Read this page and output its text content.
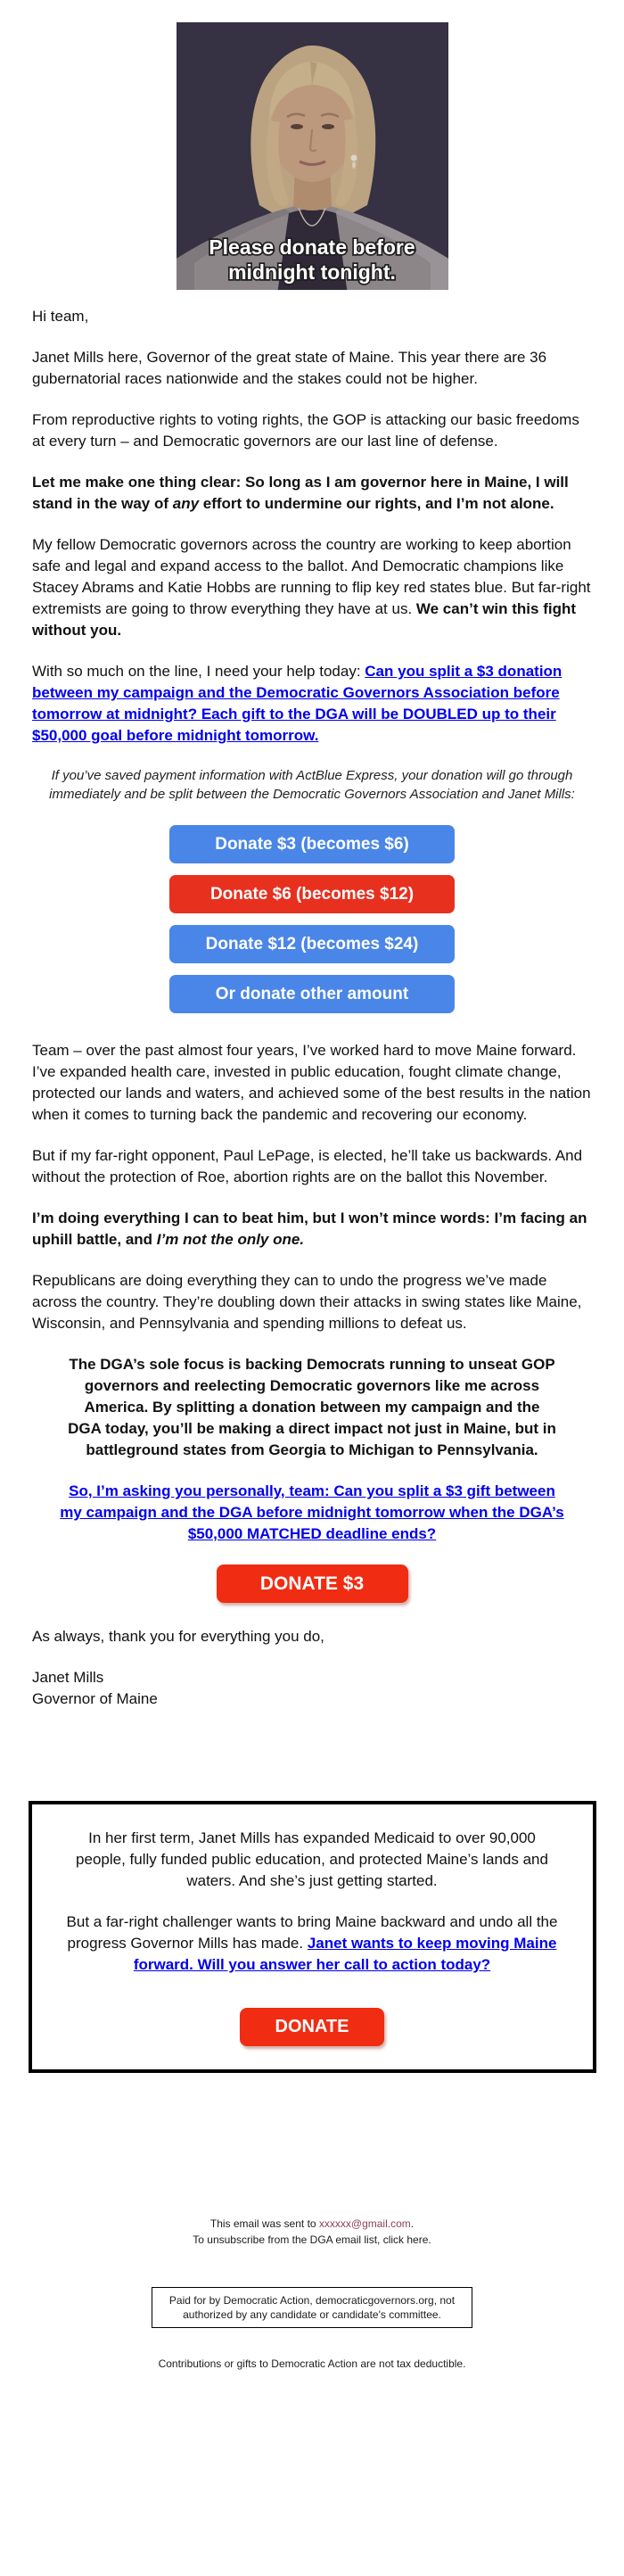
Please donate before
midnight tonight.

Hi team,

Janet Mills here, Governor of the great state of Maine. This year there are 36 gubernatorial races nationwide and the stakes could not be higher.

From reproductive rights to voting rights, the GOP is attacking our basic freedoms at every turn – and Democratic governors are our last line of defense.

Let me make one thing clear: So long as I am governor here in Maine, I will stand in the way of any effort to undermine our rights, and I’m not alone.

My fellow Democratic governors across the country are working to keep abortion safe and legal and expand access to the ballot. And Democratic champions like Stacey Abrams and Katie Hobbs are running to flip key red states blue. But far-right extremists are going to throw everything they have at us. We can’t win this fight without you.

With so much on the line, I need your help today: Can you split a $3 donation between my campaign and the Democratic Governors Association before tomorrow at midnight? Each gift to the DGA will be DOUBLED up to their $50,000 goal before midnight tomorrow.

If you’ve saved payment information with ActBlue Express, your donation will go through immediately and be split between the Democratic Governors Association and Janet Mills:

Donate $3 (becomes $6)
Donate $6 (becomes $12)
Donate $12 (becomes $24)
Or donate other amount

Team – over the past almost four years, I’ve worked hard to move Maine forward. I’ve expanded health care, invested in public education, fought climate change, protected our lands and waters, and achieved some of the best results in the nation when it comes to turning back the pandemic and recovering our economy.

But if my far-right opponent, Paul LePage, is elected, he’ll take us backwards. And without the protection of Roe, abortion rights are on the ballot this November.

I’m doing everything I can to beat him, but I won’t mince words: I’m facing an uphill battle, and I’m not the only one.

Republicans are doing everything they can to undo the progress we’ve made across the country. They’re doubling down their attacks in swing states like Maine, Wisconsin, and Pennsylvania and spending millions to defeat us.

The DGA’s sole focus is backing Democrats running to unseat GOP governors and reelecting Democratic governors like me across America. By splitting a donation between my campaign and the DGA today, you’ll be making a direct impact not just in Maine, but in battleground states from Georgia to Michigan to Pennsylvania.

So, I’m asking you personally, team: Can you split a $3 gift between my campaign and the DGA before midnight tomorrow when the DGA’s $50,000 MATCHED deadline ends?

DONATE $3

As always, thank you for everything you do,

Janet Mills
Governor of Maine

In her first term, Janet Mills has expanded Medicaid to over 90,000 people, fully funded public education, and protected Maine’s lands and waters. And she’s just getting started.

But a far-right challenger wants to bring Maine backward and undo all the progress Governor Mills has made. Janet wants to keep moving Maine forward. Will you answer her call to action today?

DONATE
This email was sent to xxxxxx@gmail.com.
To unsubscribe from the DGA email list, click here.
Paid for by Democratic Action, democraticgovernors.org, not authorized by any candidate or candidate's committee.
Contributions or gifts to Democratic Action are not tax deductible.
